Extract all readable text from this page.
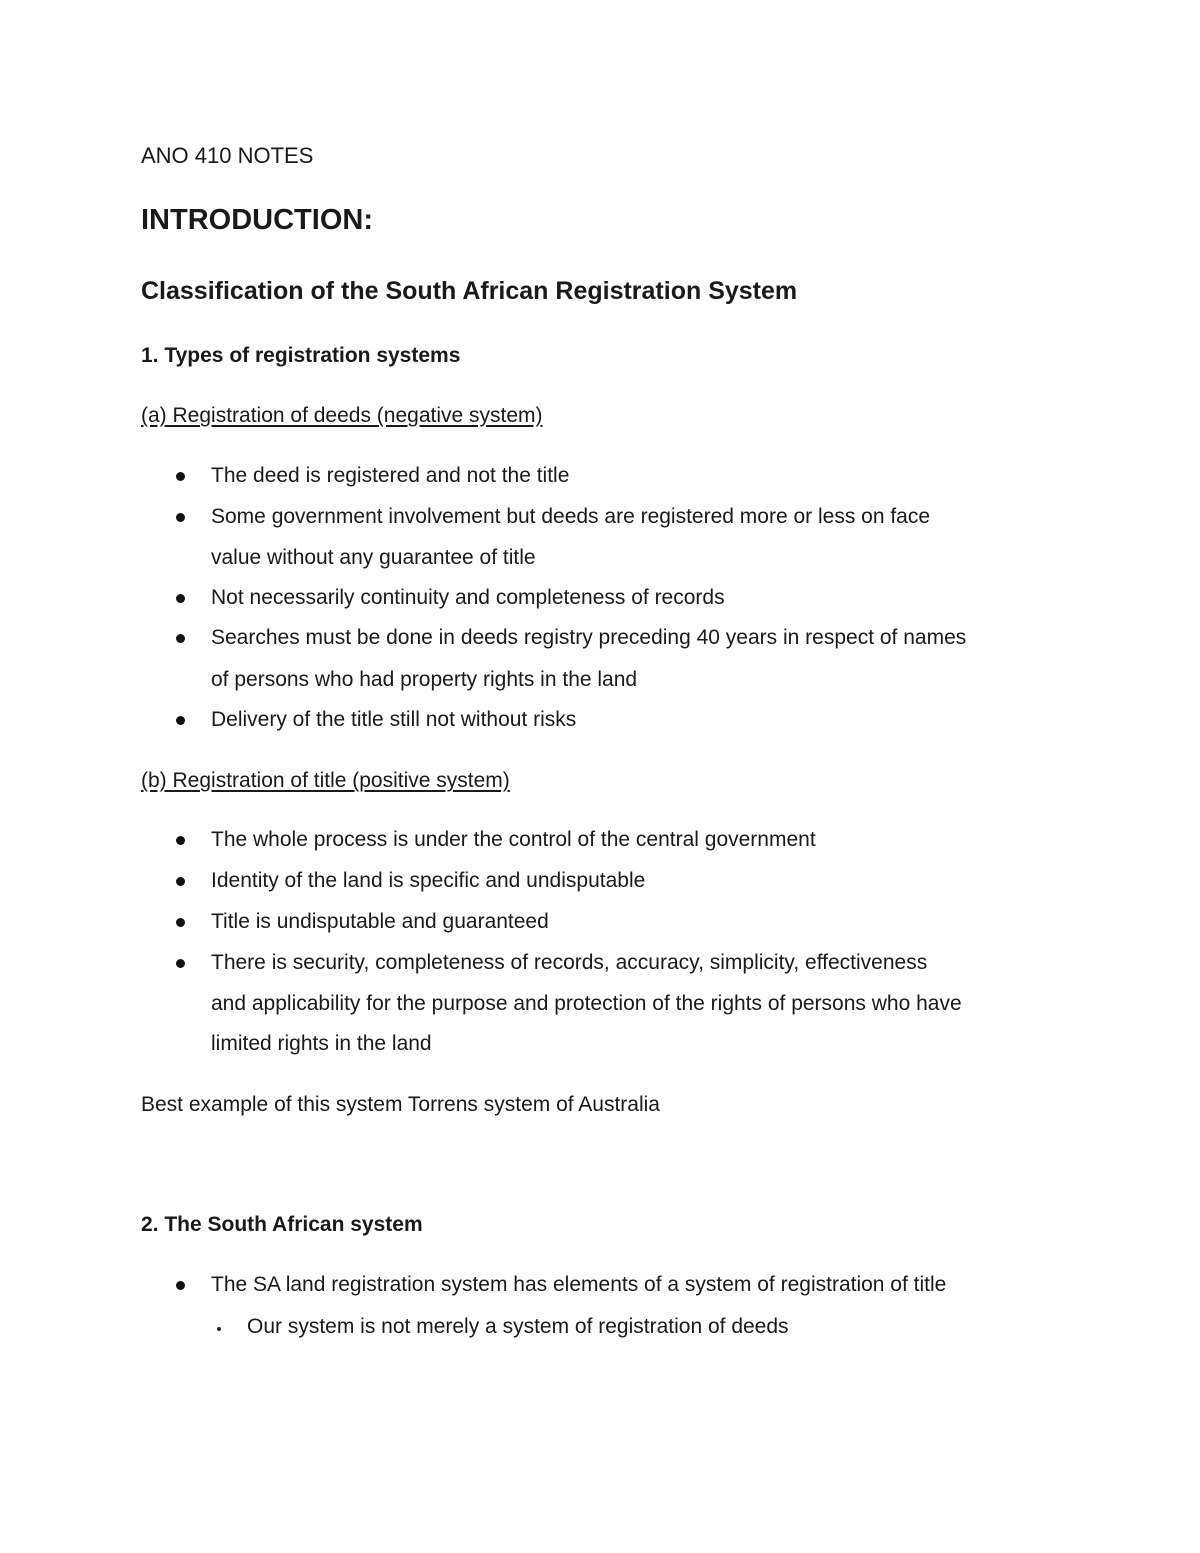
ANO 410 NOTES
INTRODUCTION:
Classification of the South African Registration System
1. Types of registration systems
(a) Registration of deeds (negative system)
The deed is registered and not the title
Some government involvement but deeds are registered more or less on face
value without any guarantee of title
Not necessarily continuity and completeness of records
Searches must be done in deeds registry preceding 40 years in respect of names
of persons who had property rights in the land
Delivery of the title still not without risks
(b) Registration of title (positive system)
The whole process is under the control of the central government
Identity of the land is specific and undisputable
Title is undisputable and guaranteed
There is security, completeness of records, accuracy, simplicity, effectiveness
and applicability for the purpose and protection of the rights of persons who have
limited rights in the land
Best example of this system Torrens system of Australia
2. The South African system
The SA land registration system has elements of a system of registration of title
Our system is not merely a system of registration of deeds
